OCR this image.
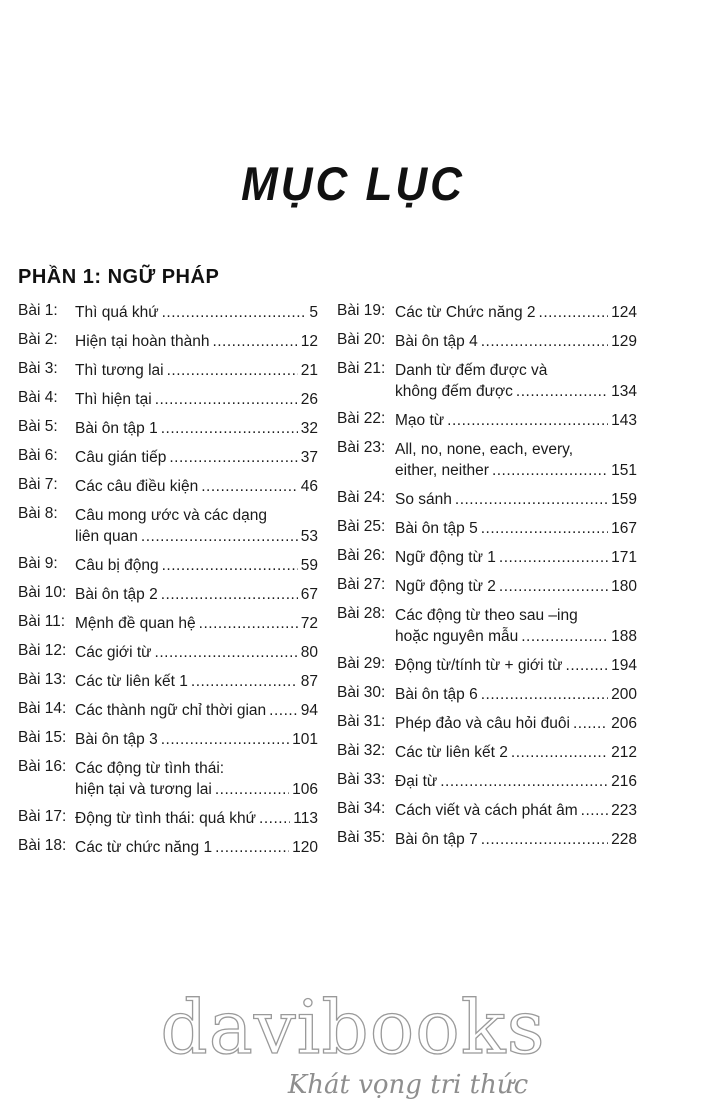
MỤC LỤC
PHẦN 1: NGỮ PHÁP
Bài 1:	Thì quá khứ .....	5
Bài 2:	Hiện tại hoàn thành .....	12
Bài 3:	Thì tương lai .....	21
Bài 4:	Thì hiện tại .....	26
Bài 5:	Bài ôn tập 1 .....	32
Bài 6:	Câu gián tiếp .....	37
Bài 7:	Các câu điều kiện .....	46
Bài 8:	Câu mong ước và các dạng
liên quan .....	53
Bài 9:	Câu bị động .....	59
Bài 10: Bài ôn tập 2 .....	67
Bài 11: Mệnh đề quan hệ .....	72
Bài 12: Các giới từ .....	80
Bài 13: Các từ liên kết 1 .....	87
Bài 14: Các thành ngữ chỉ thời gian ..... 94
Bài 15: Bài ôn tập 3 .....	101
Bài 16: Các động từ tình thái:
hiện tại và tương lai .....	106
Bài 17: Động từ tình thái: quá khứ ..... 113
Bài 18: Các từ chức năng 1 .....	120
Bài 19: Các từ Chức năng 2 .....	124
Bài 20: Bài ôn tập 4 .....	129
Bài 21: Danh từ đếm được và
không đếm được .....	134
Bài 22: Mạo từ .....	143
Bài 23: All, no, none, each, every,
either, neither .....	151
Bài 24: So sánh .....	159
Bài 25: Bài ôn tập 5 .....	167
Bài 26: Ngữ động từ 1 .....	171
Bài 27: Ngữ động từ 2 .....	180
Bài 28: Các động từ theo sau –ing
hoặc nguyên mẫu .....	188
Bài 29: Động từ/tính từ + giới từ .....	194
Bài 30: Bài ôn tập 6 .....	200
Bài 31: Phép đảo và câu hỏi đuôi .....	206
Bài 32: Các từ liên kết 2 .....	212
Bài 33: Đại từ .....	216
Bài 34: Cách viết và cách phát âm ..... 223
Bài 35: Bài ôn tập 7 .....	228
davibooks
Khát vọng tri thức
